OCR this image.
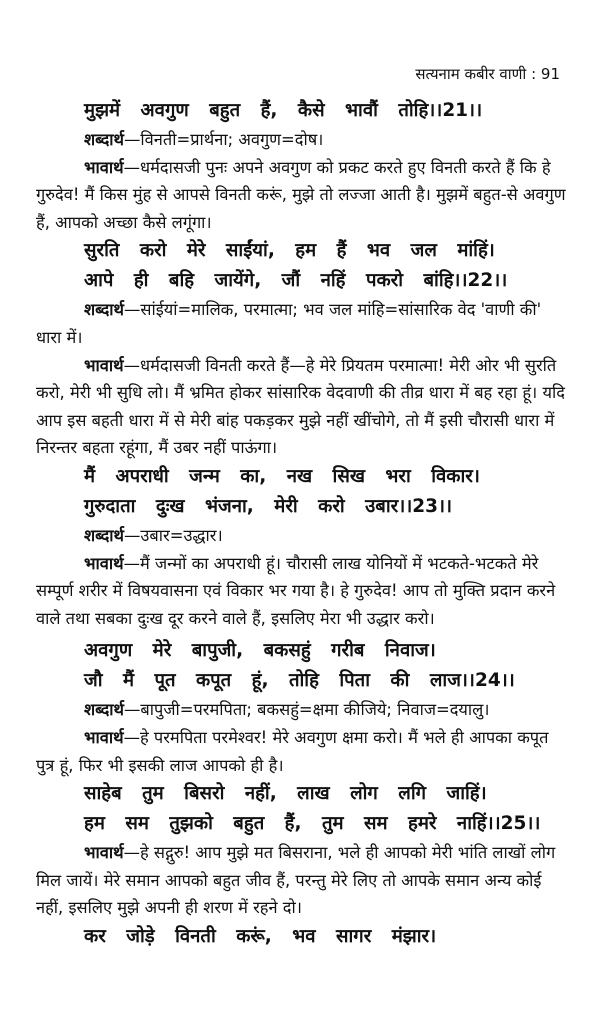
सत्यनाम कबीर वाणी : 91
मुझमें अवगुण बहुत हैं, कैसे भावौं तोहि।।21।।

शब्दार्थ—विनती=प्रार्थना; अवगुण=दोष।

भावार्थ—धर्मदासजी पुनः अपने अवगुण को प्रकट करते हुए विनती करते हैं कि हे गुरुदेव! मैं किस मुंह से आपसे विनती करूं, मुझे तो लज्जा आती है। मुझमें बहुत-से अवगुण हैं, आपको अच्छा कैसे लगूंगा।

सुरति करो मेरे साईंयां, हम हैं भव जल मांहिं।
आपे ही बहि जायेंगे, जौं नहिं पकरो बांहि।।22।।

शब्दार्थ—सांईयां=मालिक, परमात्मा; भव जल मांहि=सांसारिक वेद 'वाणी की' धारा में।

भावार्थ—धर्मदासजी विनती करते हैं—हे मेरे प्रियतम परमात्मा! मेरी ओर भी सुरति करो, मेरी भी सुधि लो। मैं भ्रमित होकर सांसारिक वेदवाणी की तीव्र धारा में बह रहा हूं। यदि आप इस बहती धारा में से मेरी बांह पकड़कर मुझे नहीं खींचोगे, तो मैं इसी चौरासी धारा में निरन्तर बहता रहूंगा, मैं उबर नहीं पाऊंगा।

मैं अपराधी जन्म का, नख सिख भरा विकार।
गुरुदाता दुःख भंजना, मेरी करो उबार।।23।।

शब्दार्थ—उबार=उद्धार।

भावार्थ—मैं जन्मों का अपराधी हूं। चौरासी लाख योनियों में भटकते-भटकते मेरे सम्पूर्ण शरीर में विषयवासना एवं विकार भर गया है। हे गुरुदेव! आप तो मुक्ति प्रदान करने वाले तथा सबका दुःख दूर करने वाले हैं, इसलिए मेरा भी उद्धार करो।

अवगुण मेरे बापुजी, बकसहुं गरीब निवाज।
जौ मैं पूत कपूत हूं, तोहि पिता की लाज।।24।।

शब्दार्थ—बापुजी=परमपिता; बकसहुं=क्षमा कीजिये; निवाज=दयालु।

भावार्थ—हे परमपिता परमेश्वर! मेरे अवगुण क्षमा करो। मैं भले ही आपका कपूत पुत्र हूं, फिर भी इसकी लाज आपको ही है।

साहेब तुम बिसरो नहीं, लाख लोग लगि जाहिं।
हम सम तुझको बहुत हैं, तुम सम हमरे नाहिं।।25।।

भावार्थ—हे सद्गुरु! आप मुझे मत बिसराना, भले ही आपको मेरी भांति लाखों लोग मिल जायें। मेरे समान आपको बहुत जीव हैं, परन्तु मेरे लिए तो आपके समान अन्य कोई नहीं, इसलिए मुझे अपनी ही शरण में रहने दो।

कर जोड़े विनती करूं, भव सागर मंझार।
